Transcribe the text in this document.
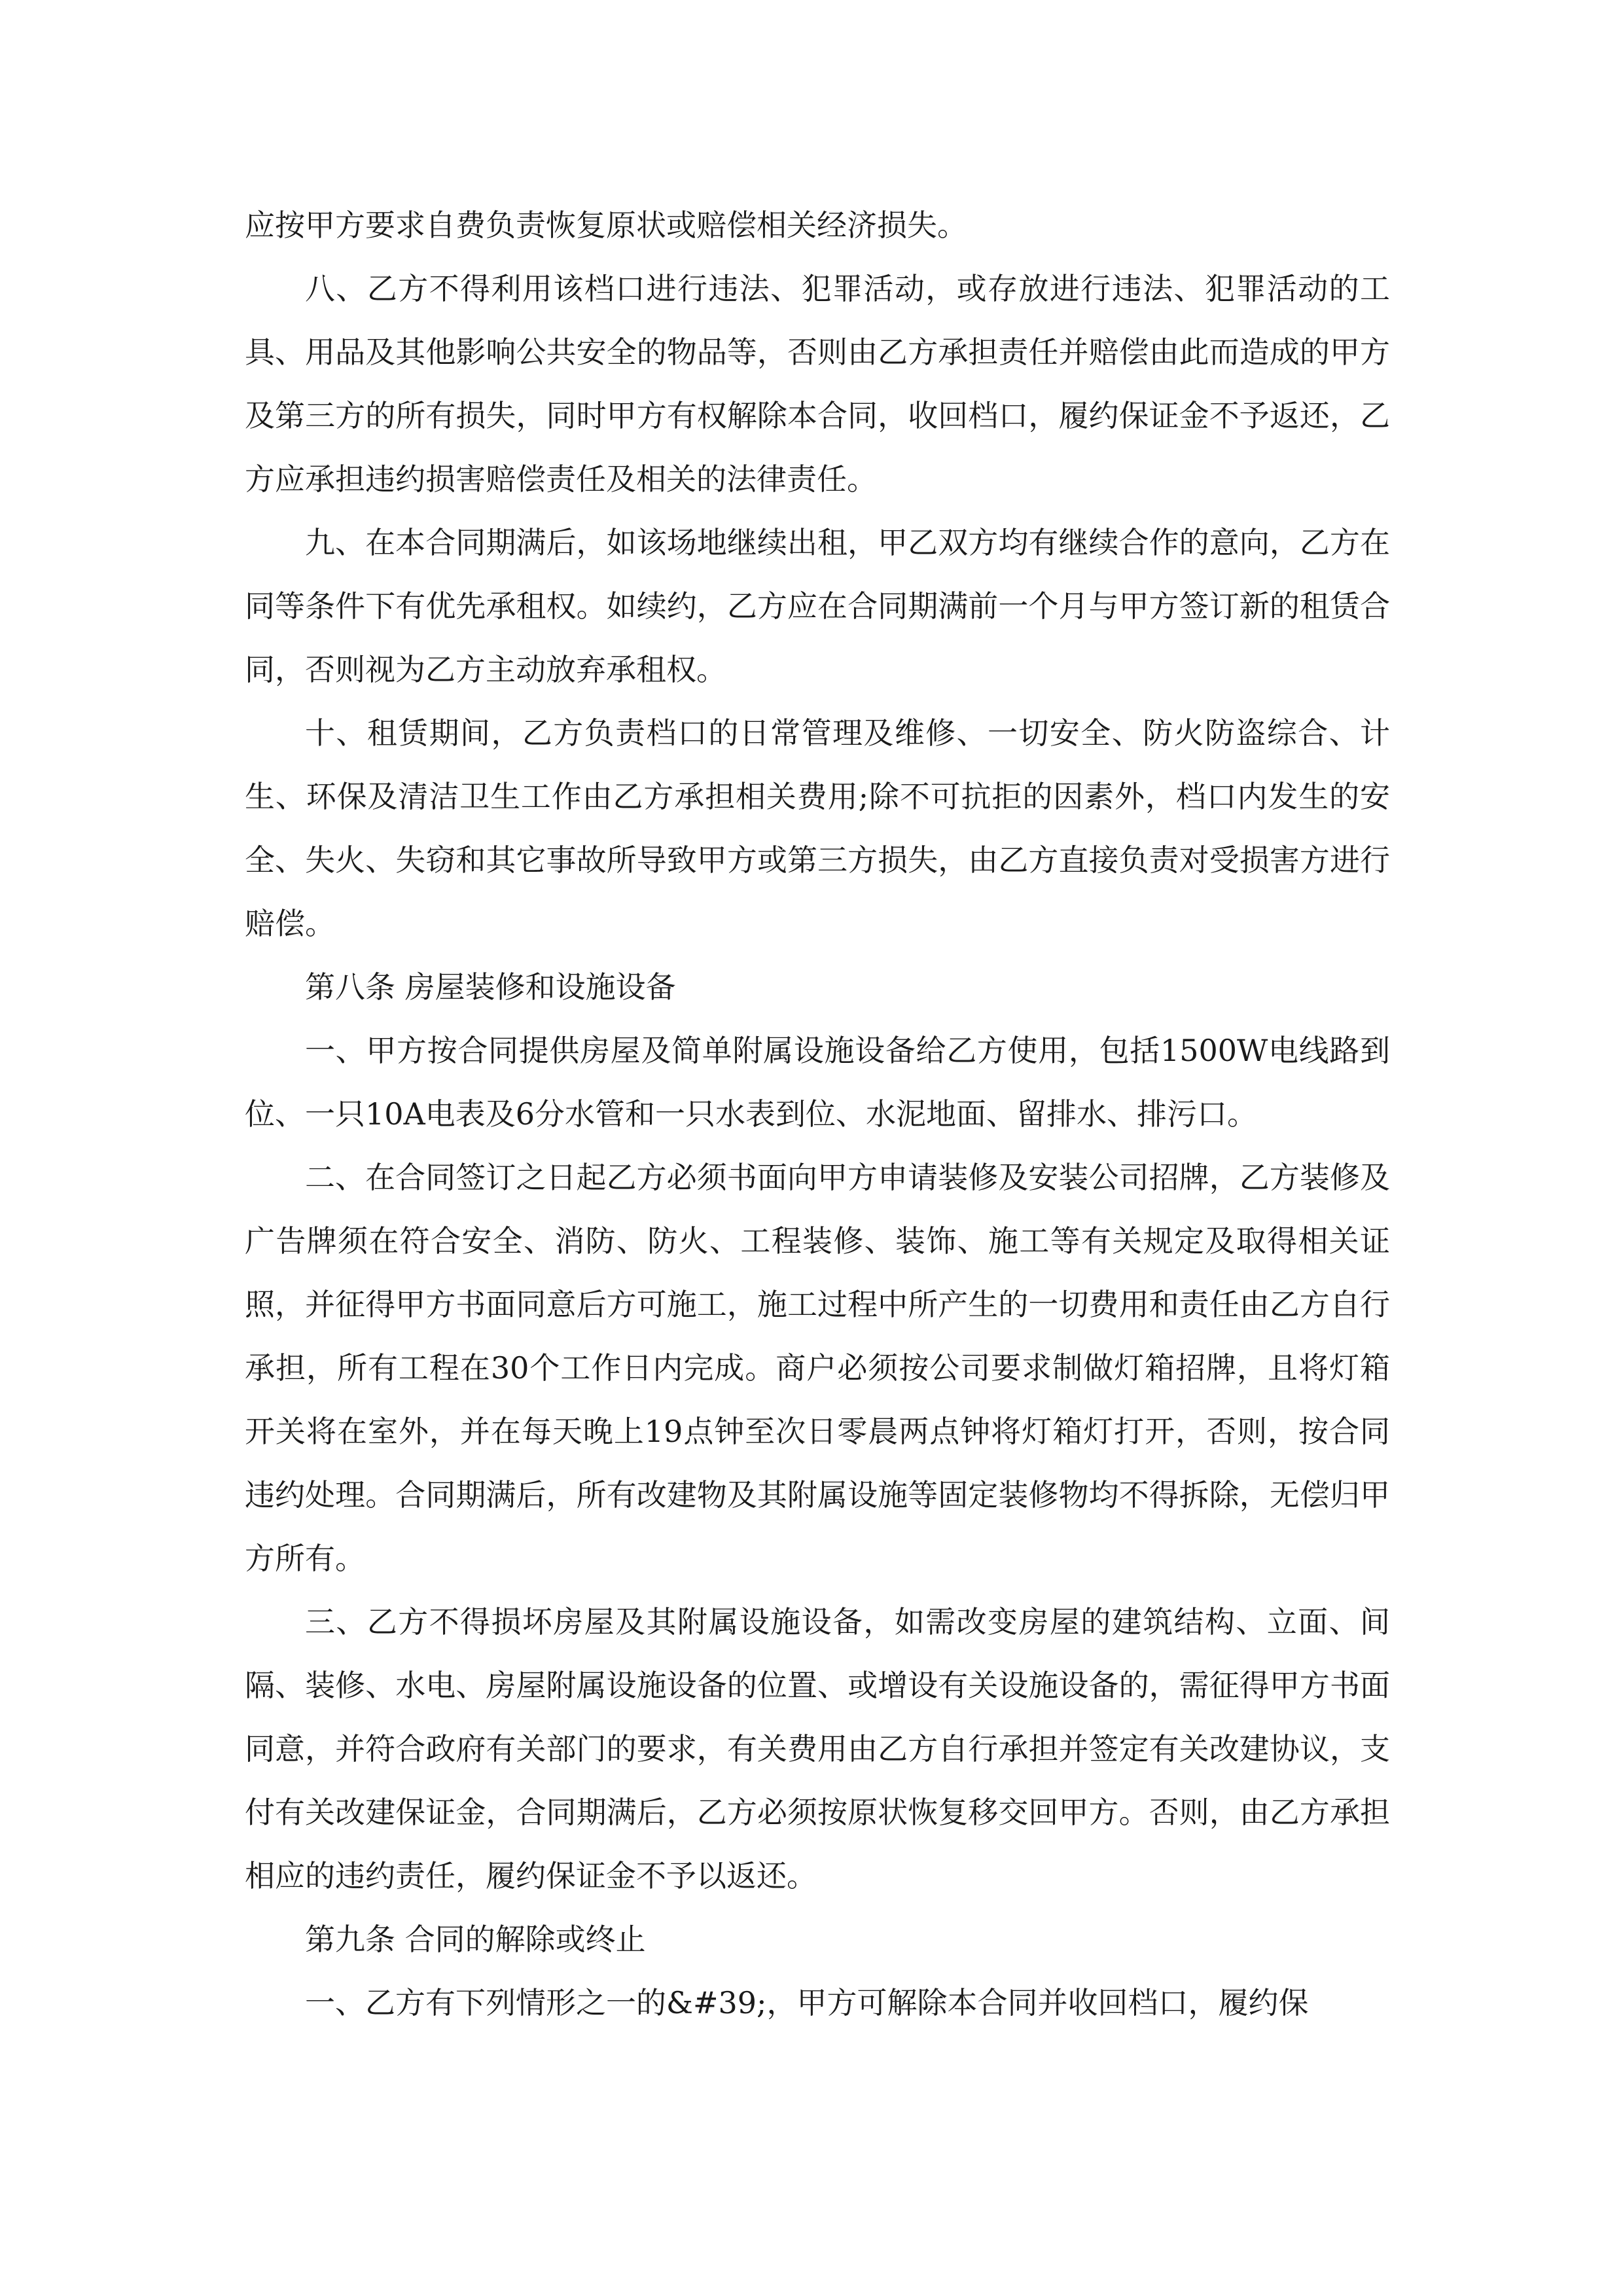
应按甲方要求自费负责恢复原状或赔偿相关经济损失。

八、乙方不得利用该档口进行违法、犯罪活动，或存放进行违法、犯罪活动的工具、用品及其他影响公共安全的物品等，否则由乙方承担责任并赔偿由此而造成的甲方及第三方的所有损失，同时甲方有权解除本合同，收回档口，履约保证金不予返还，乙方应承担违约损害赔偿责任及相关的法律责任。

九、在本合同期满后，如该场地继续出租，甲乙双方均有继续合作的意向，乙方在同等条件下有优先承租权。如续约，乙方应在合同期满前一个月与甲方签订新的租赁合同，否则视为乙方主动放弃承租权。

十、租赁期间，乙方负责档口的日常管理及维修、一切安全、防火防盗综合、计生、环保及清洁卫生工作由乙方承担相关费用;除不可抗拒的因素外，档口内发生的安全、失火、失窃和其它事故所导致甲方或第三方损失，由乙方直接负责对受损害方进行赔偿。

第八条 房屋装修和设施设备

一、甲方按合同提供房屋及简单附属设施设备给乙方使用，包括1500W电线路到位、一只10A电表及6分水管和一只水表到位、水泥地面、留排水、排污口。

二、在合同签订之日起乙方必须书面向甲方申请装修及安装公司招牌，乙方装修及广告牌须在符合安全、消防、防火、工程装修、装饰、施工等有关规定及取得相关证照，并征得甲方书面同意后方可施工，施工过程中所产生的一切费用和责任由乙方自行承担，所有工程在30个工作日内完成。商户必须按公司要求制做灯箱招牌，且将灯箱开关将在室外，并在每天晚上19点钟至次日零晨两点钟将灯箱灯打开，否则，按合同违约处理。合同期满后，所有改建物及其附属设施等固定装修物均不得拆除，无偿归甲方所有。

三、乙方不得损坏房屋及其附属设施设备，如需改变房屋的建筑结构、立面、间隔、装修、水电、房屋附属设施设备的位置、或增设有关设施设备的，需征得甲方书面同意，并符合政府有关部门的要求，有关费用由乙方自行承担并签定有关改建协议，支付有关改建保证金，合同期满后，乙方必须按原状恢复移交回甲方。否则，由乙方承担相应的违约责任，履约保证金不予以返还。

第九条 合同的解除或终止

一、乙方有下列情形之一的&#39;，甲方可解除本合同并收回档口，履约保
